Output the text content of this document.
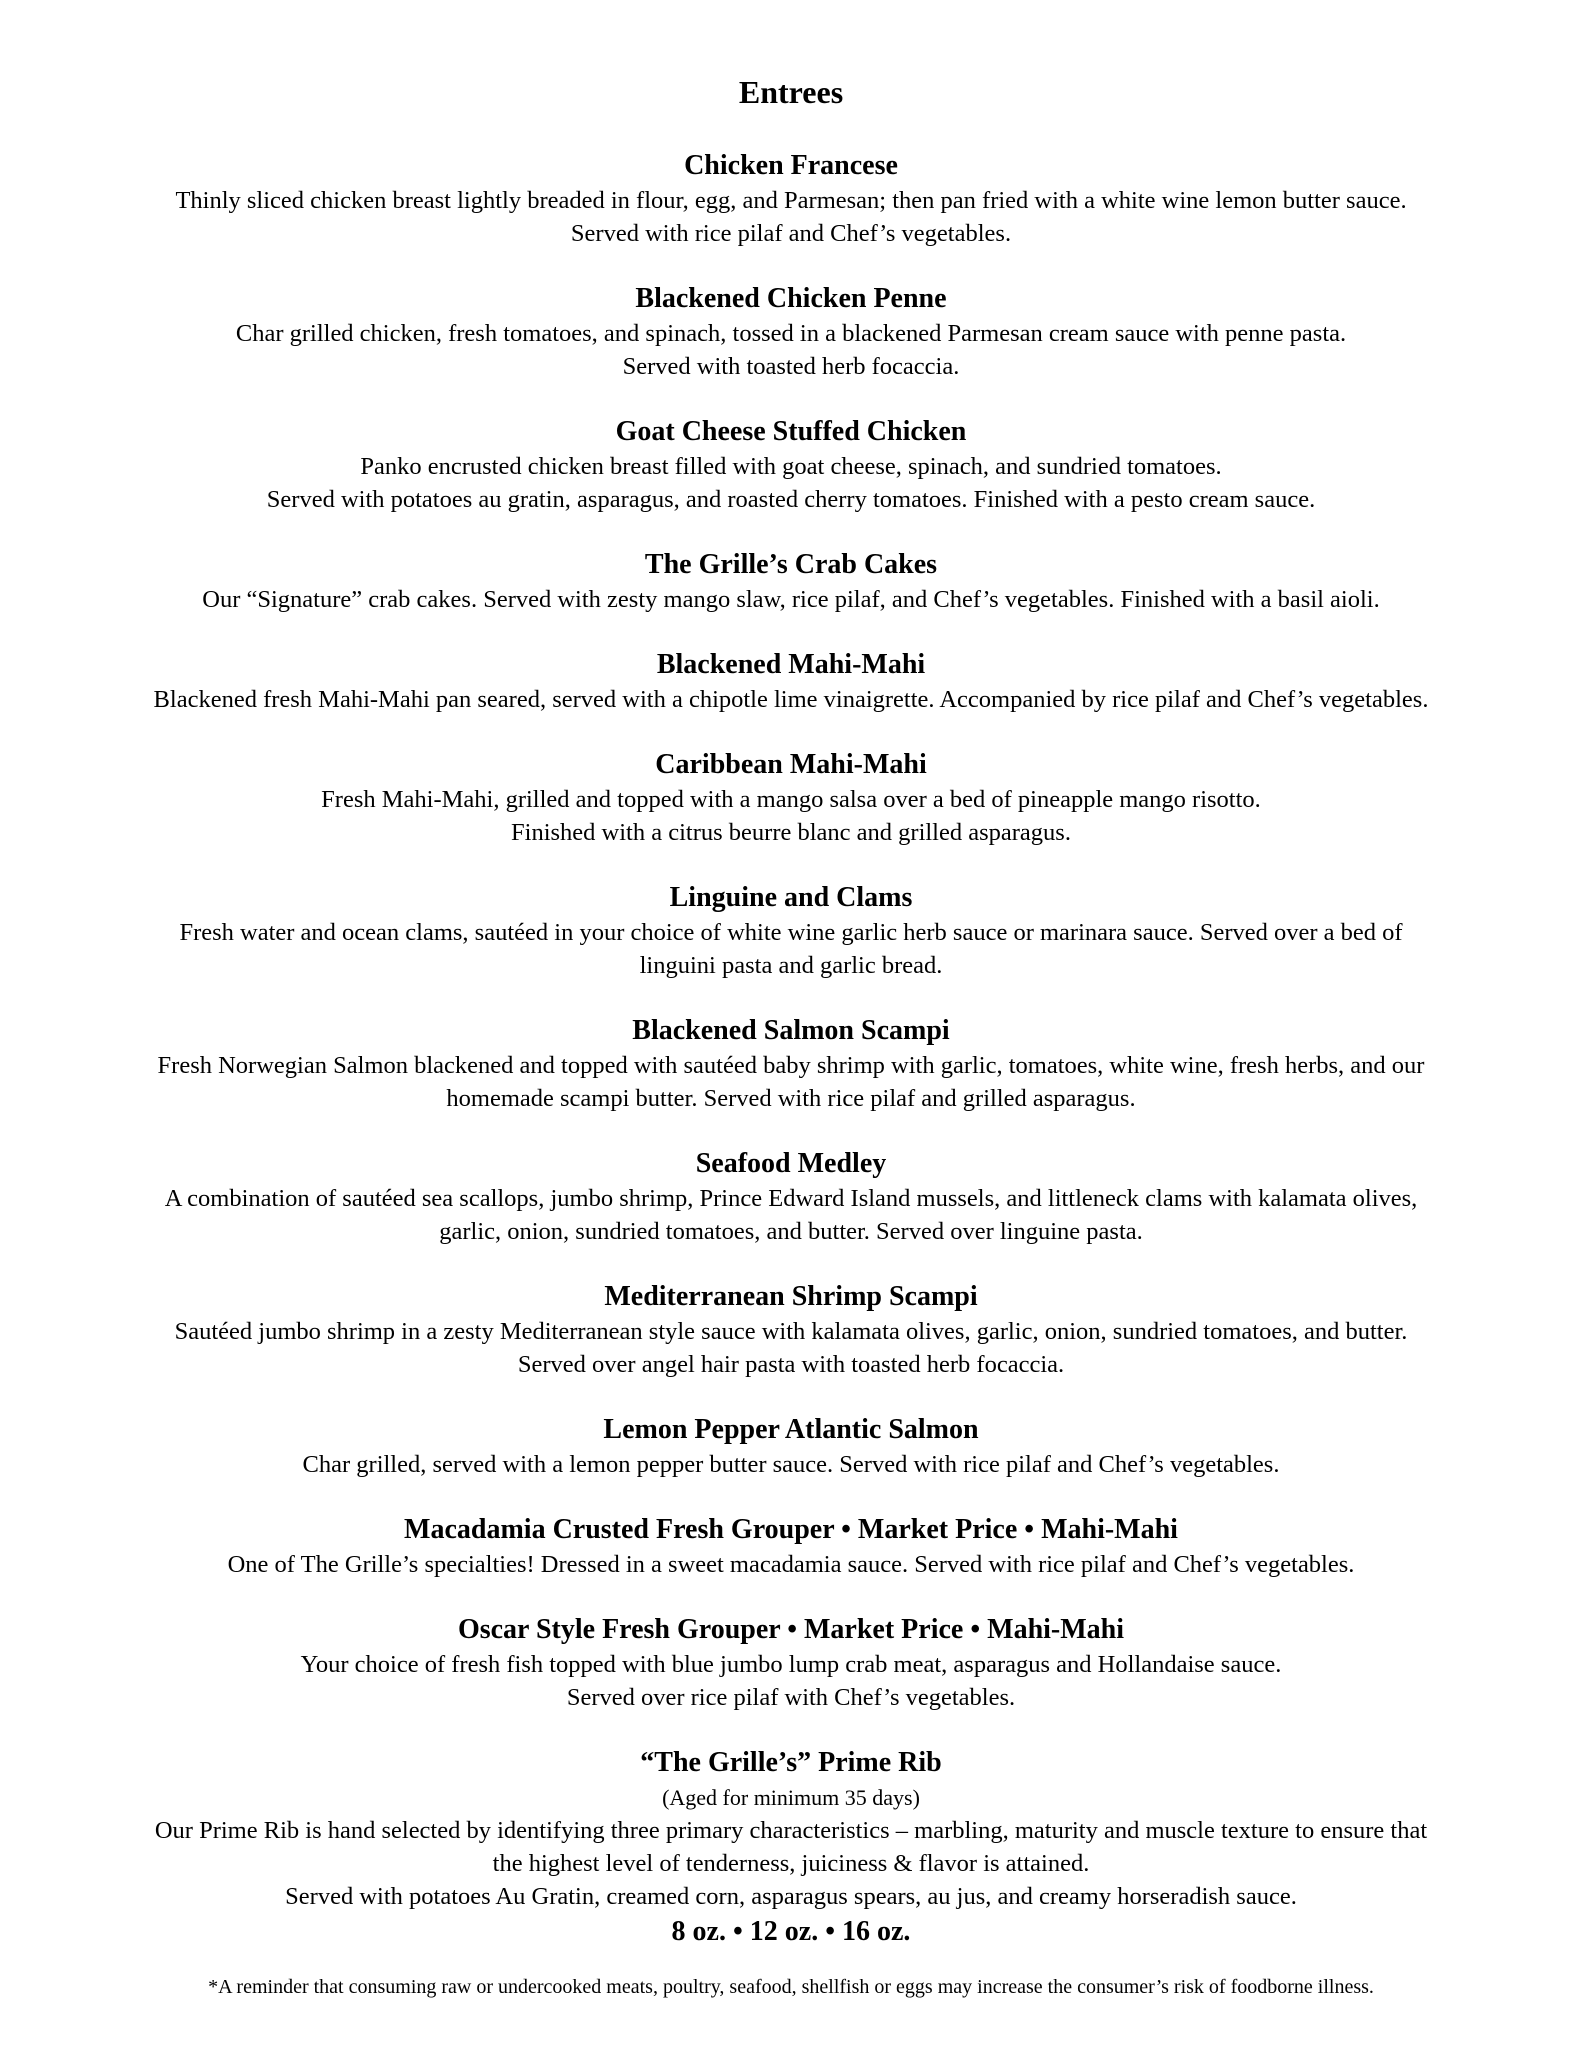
Entrees
Chicken Francese
Thinly sliced chicken breast lightly breaded in flour, egg, and Parmesan; then pan fried with a white wine lemon butter sauce.
Served with rice pilaf and Chef’s vegetables.
Blackened Chicken Penne
Char grilled chicken, fresh tomatoes, and spinach, tossed in a blackened Parmesan cream sauce with penne pasta.
Served with toasted herb focaccia.
Goat Cheese Stuffed Chicken
Panko encrusted chicken breast filled with goat cheese, spinach, and sundried tomatoes.
Served with potatoes au gratin, asparagus, and roasted cherry tomatoes. Finished with a pesto cream sauce.
The Grille’s Crab Cakes
Our “Signature” crab cakes. Served with zesty mango slaw, rice pilaf, and Chef’s vegetables. Finished with a basil aioli.
Blackened Mahi-Mahi
Blackened fresh Mahi-Mahi pan seared, served with a chipotle lime vinaigrette. Accompanied by rice pilaf and Chef’s vegetables.
Caribbean Mahi-Mahi
Fresh Mahi-Mahi, grilled and topped with a mango salsa over a bed of pineapple mango risotto.
Finished with a citrus beurre blanc and grilled asparagus.
Linguine and Clams
Fresh water and ocean clams, sautéed in your choice of white wine garlic herb sauce or marinara sauce. Served over a bed of
linguini pasta and garlic bread.
Blackened Salmon Scampi
Fresh Norwegian Salmon blackened and topped with sautéed baby shrimp with garlic, tomatoes, white wine, fresh herbs, and our
homemade scampi butter. Served with rice pilaf and grilled asparagus.
Seafood Medley
A combination of sautéed sea scallops, jumbo shrimp, Prince Edward Island mussels, and littleneck clams with kalamata olives,
garlic, onion, sundried tomatoes, and butter. Served over linguine pasta.
Mediterranean Shrimp Scampi
Sautéed jumbo shrimp in a zesty Mediterranean style sauce with kalamata olives, garlic, onion, sundried tomatoes, and butter.
Served over angel hair pasta with toasted herb focaccia.
Lemon Pepper Atlantic Salmon
Char grilled, served with a lemon pepper butter sauce. Served with rice pilaf and Chef’s vegetables.
Macadamia Crusted Fresh Grouper • Market Price • Mahi-Mahi
One of The Grille’s specialties! Dressed in a sweet macadamia sauce. Served with rice pilaf and Chef’s vegetables.
Oscar Style Fresh Grouper • Market Price • Mahi-Mahi
Your choice of fresh fish topped with blue jumbo lump crab meat, asparagus and Hollandaise sauce.
Served over rice pilaf with Chef’s vegetables.
“The Grille’s” Prime Rib
(Aged for minimum 35 days)
Our Prime Rib is hand selected by identifying three primary characteristics – marbling, maturity and muscle texture to ensure that
the highest level of tenderness, juiciness & flavor is attained.
Served with potatoes Au Gratin, creamed corn, asparagus spears, au jus, and creamy horseradish sauce.
8 oz. • 12 oz. • 16 oz.
*A reminder that consuming raw or undercooked meats, poultry, seafood, shellfish or eggs may increase the consumer’s risk of foodborne illness.
